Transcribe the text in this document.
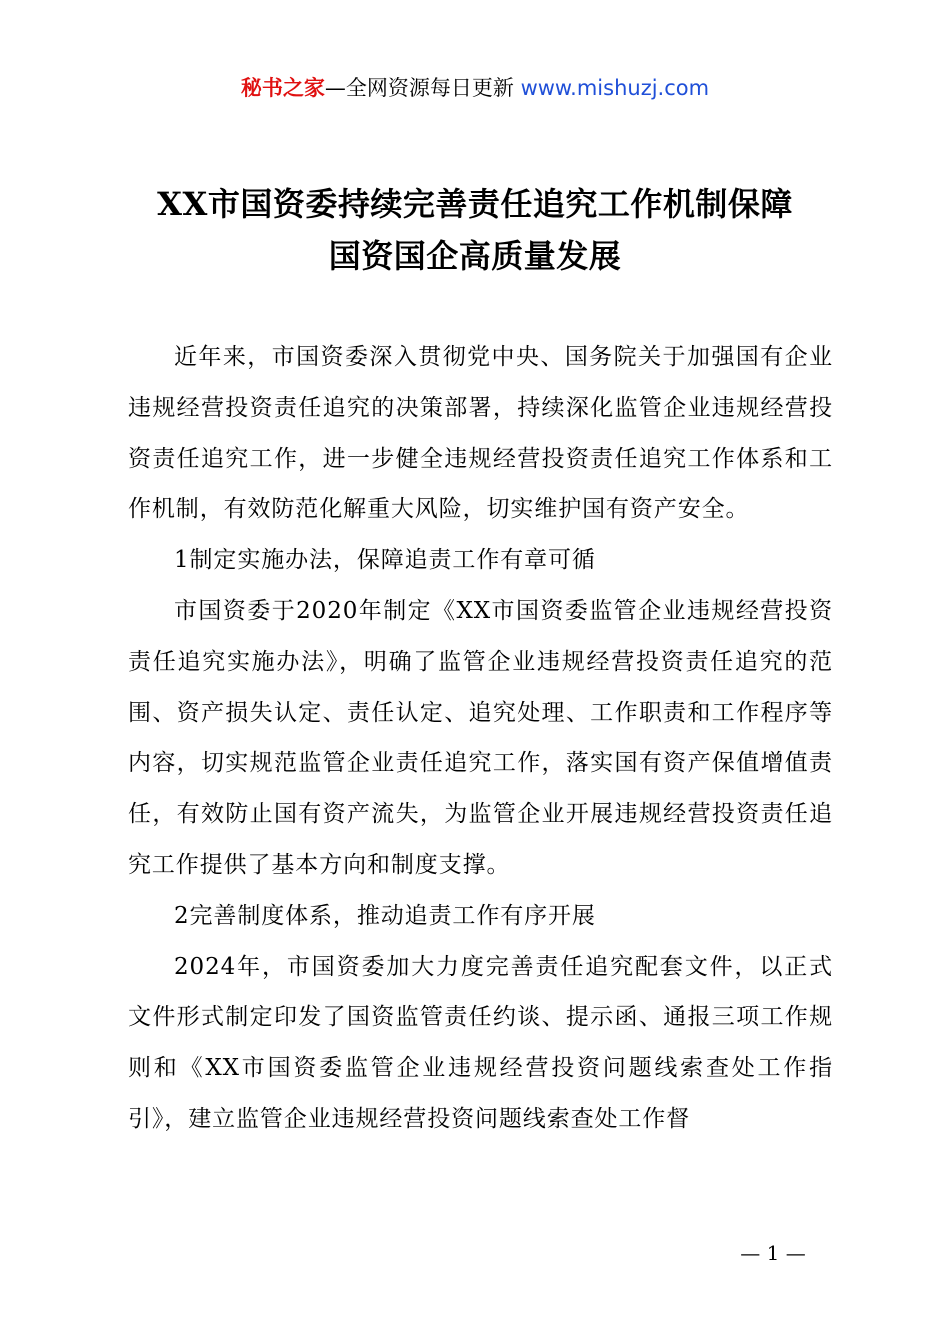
秘书之家—全网资源每日更新 www.mishuzj.com
XX市国资委持续完善责任追究工作机制保障
国资国企高质量发展

近年来，市国资委深入贯彻党中央、国务院关于加强国有企业违规经营投资责任追究的决策部署，持续深化监管企业违规经营投资责任追究工作，进一步健全违规经营投资责任追究工作体系和工作机制，有效防范化解重大风险，切实维护国有资产安全。

1制定实施办法，保障追责工作有章可循

市国资委于2020年制定《XX市国资委监管企业违规经营投资责任追究实施办法》，明确了监管企业违规经营投资责任追究的范围、资产损失认定、责任认定、追究处理、工作职责和工作程序等内容，切实规范监管企业责任追究工作，落实国有资产保值增值责任，有效防止国有资产流失，为监管企业开展违规经营投资责任追究工作提供了基本方向和制度支撑。

2完善制度体系，推动追责工作有序开展

2024年，市国资委加大力度完善责任追究配套文件，以正式文件形式制定印发了国资监管责任约谈、提示函、通报三项工作规则和《XX市国资委监管企业违规经营投资问题线索查处工作指引》，建立监管企业违规经营投资问题线索查处工作督

— 1 —
